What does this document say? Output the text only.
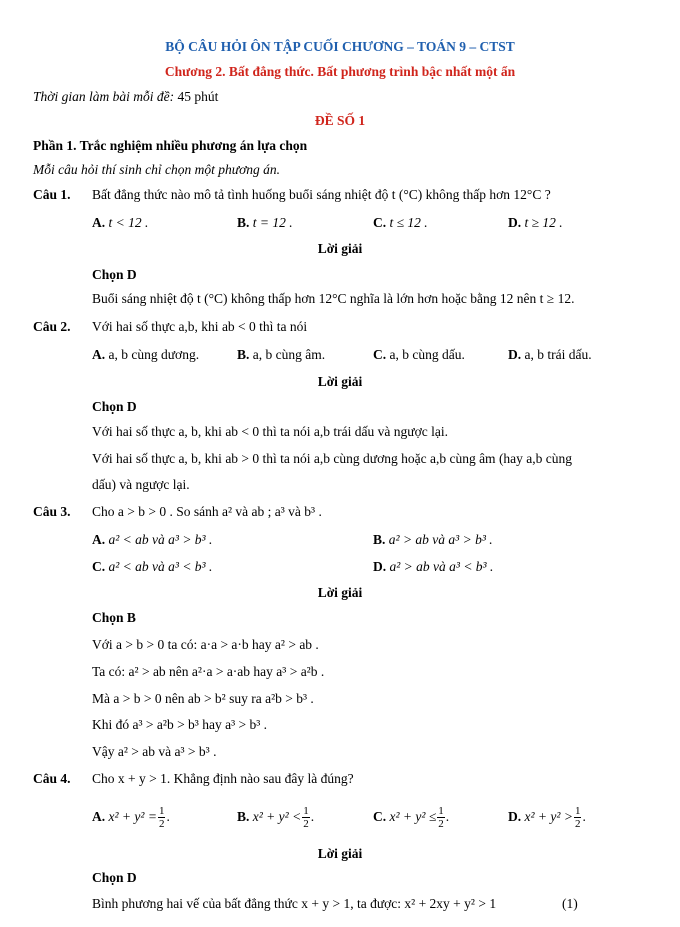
BỘ CÂU HỎI ÔN TẬP CUỐI CHƯƠNG – TOÁN 9 – CTST
Chương 2. Bất đẳng thức. Bất phương trình bậc nhất một ẩn
Thời gian làm bài mỗi đề: 45 phút
ĐỀ SỐ 1
Phần 1. Trắc nghiệm nhiều phương án lựa chọn
Mỗi câu hỏi thí sinh chỉ chọn một phương án.
Câu 1. Bất đẳng thức nào mô tả tình huống buổi sáng nhiệt độ t (°C) không thấp hơn 12°C ?
A. t < 12 .	B. t = 12 .	C. t ≤ 12 .	D. t ≥ 12 .
Lời giải
Chọn D
Buổi sáng nhiệt độ t (°C) không thấp hơn 12°C nghĩa là lớn hơn hoặc bằng 12 nên t ≥ 12.
Câu 2. Với hai số thực a,b, khi ab < 0 thì ta nói
A. a, b cùng dương.	B. a, b cùng âm.	C. a, b cùng dấu.	D. a, b trái dấu.
Lời giải
Chọn D
Với hai số thực a, b, khi ab < 0 thì ta nói a,b trái dấu và ngược lại.
Với hai số thực a, b, khi ab > 0 thì ta nói a,b cùng dương hoặc a,b cùng âm (hay a,b cùng
dấu) và ngược lại.
Câu 3. Cho a > b > 0 . So sánh a² và ab ; a³ và b³ .
A. a² < ab và a³ > b³ .	B. a² > ab và a³ > b³ .
C. a² < ab và a³ < b³ .	D. a² > ab và a³ < b³ .
Lời giải
Chọn B
Với a > b > 0 ta có: a·a > a·b hay a² > ab .
Ta có: a² > ab nên a²·a > a·ab hay a³ > a²b .
Mà a > b > 0 nên ab > b² suy ra a²b > b³ .
Khi đó a³ > a²b > b³ hay a³ > b³ .
Vậy a² > ab và a³ > b³ .
Câu 4. Cho x + y > 1. Khẳng định nào sau đây là đúng?
A. $x^2 + y^2 = \frac{1}{2}$ .	B. $x^2 + y^2 < \frac{1}{2}$ .	C. $x^2 + y^2 \le \frac{1}{2}$ .	D. $x^2 + y^2 > \frac{1}{2}$ .
Lời giải
Chọn D
Bình phương hai vế của bất đẳng thức x + y > 1, ta được: x² + 2xy + y² > 1	(1)
